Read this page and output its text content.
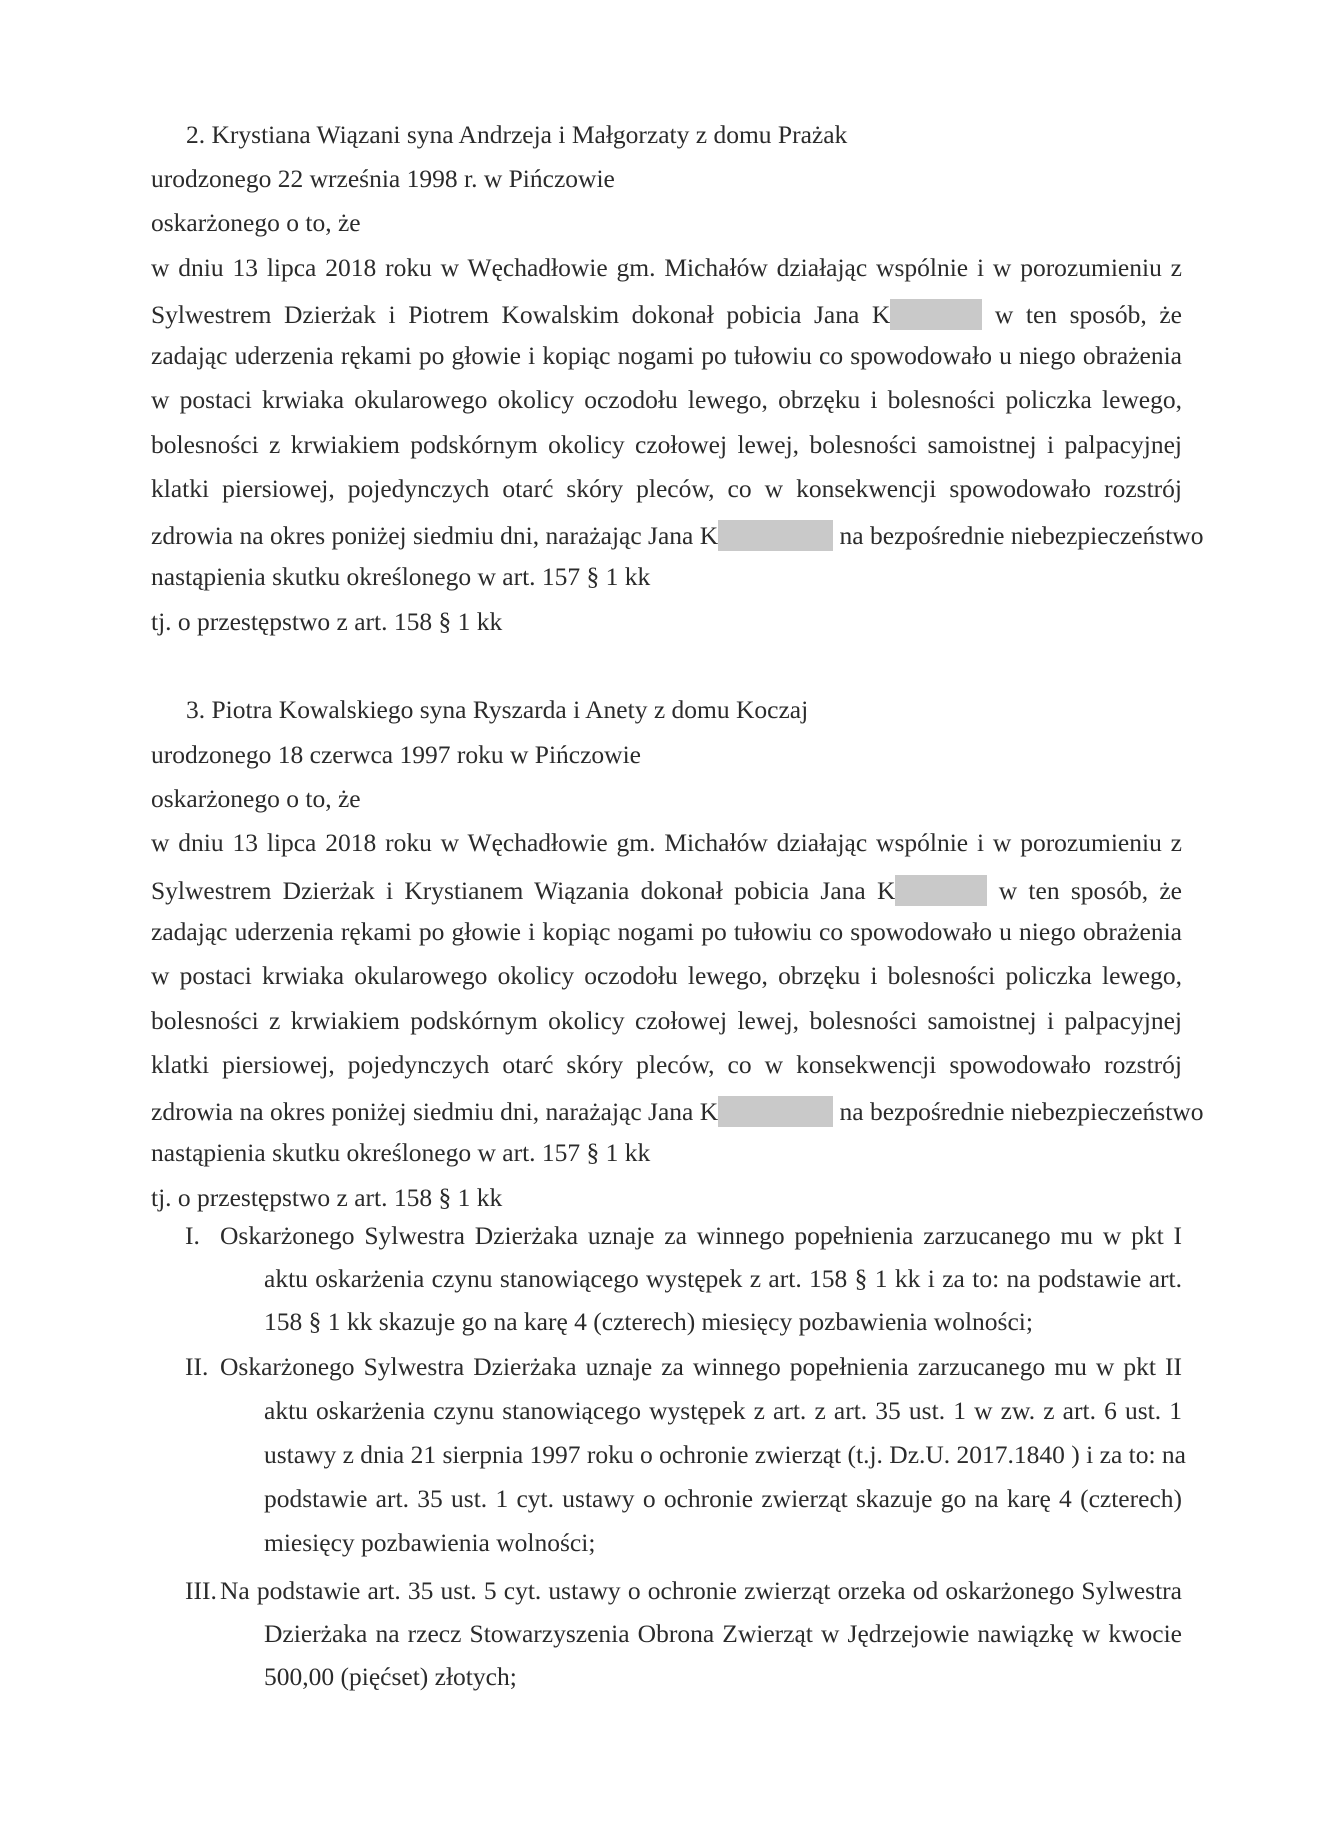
2. Krystiana Wiązani syna Andrzeja i Małgorzaty z domu Prażak
urodzonego 22 września 1998 r. w Pińczowie
oskarżonego o to, że
w dniu 13 lipca 2018 roku w Węchadłowie gm. Michałów działając wspólnie i w porozumieniu z
Sylwestrem Dzierżak i Piotrem Kowalskim dokonał pobicia Jana K	w ten sposób, że
zadając uderzenia rękami po głowie i kopiąc nogami po tułowiu co spowodowało u niego obrażenia
w postaci krwiaka okularowego okolicy oczodołu lewego, obrzęku i bolesności policzka lewego,
bolesności z krwiakiem podskórnym okolicy czołowej lewej, bolesności samoistnej i palpacyjnej
klatki piersiowej, pojedynczych otarć skóry pleców, co w konsekwencji spowodowało rozstrój
zdrowia na okres poniżej siedmiu dni, narażając Jana K	na bezpośrednie niebezpieczeństwo
nastąpienia skutku określonego w art. 157 § 1 kk
tj. o przestępstwo z art. 158 § 1 kk
3. Piotra Kowalskiego syna Ryszarda i Anety z domu Koczaj
urodzonego 18 czerwca 1997 roku w Pińczowie
oskarżonego o to, że
w dniu 13 lipca 2018 roku w Węchadłowie gm. Michałów działając wspólnie i w porozumieniu z
Sylwestrem Dzierżak i Krystianem Wiązania dokonał pobicia Jana K	w ten sposób, że
zadając uderzenia rękami po głowie i kopiąc nogami po tułowiu co spowodowało u niego obrażenia
w postaci krwiaka okularowego okolicy oczodołu lewego, obrzęku i bolesności policzka lewego,
bolesności z krwiakiem podskórnym okolicy czołowej lewej, bolesności samoistnej i palpacyjnej
klatki piersiowej, pojedynczych otarć skóry pleców, co w konsekwencji spowodowało rozstrój
zdrowia na okres poniżej siedmiu dni, narażając Jana K	na bezpośrednie niebezpieczeństwo
nastąpienia skutku określonego w art. 157 § 1 kk
tj. o przestępstwo z art. 158 § 1 kk
I. Oskarżonego Sylwestra Dzierżaka uznaje za winnego popełnienia zarzucanego mu w pkt I
aktu oskarżenia czynu stanowiącego występek z art. 158 § 1 kk i za to: na podstawie art.
158 § 1 kk skazuje go na karę 4 (czterech) miesięcy pozbawienia wolności;
II. Oskarżonego Sylwestra Dzierżaka uznaje za winnego popełnienia zarzucanego mu w pkt II
aktu oskarżenia czynu stanowiącego występek z art. z art. 35 ust. 1 w zw. z art. 6 ust. 1
ustawy z dnia 21 sierpnia 1997 roku o ochronie zwierząt (t.j. Dz.U. 2017.1840 ) i za to: na
podstawie art. 35 ust. 1 cyt. ustawy o ochronie zwierząt skazuje go na karę 4 (czterech)
miesięcy pozbawienia wolności;
III. Na podstawie art. 35 ust. 5 cyt. ustawy o ochronie zwierząt orzeka od oskarżonego Sylwestra
Dzierżaka na rzecz Stowarzyszenia Obrona Zwierząt w Jędrzejowie nawiązkę w kwocie
500,00 (pięćset) złotych;
